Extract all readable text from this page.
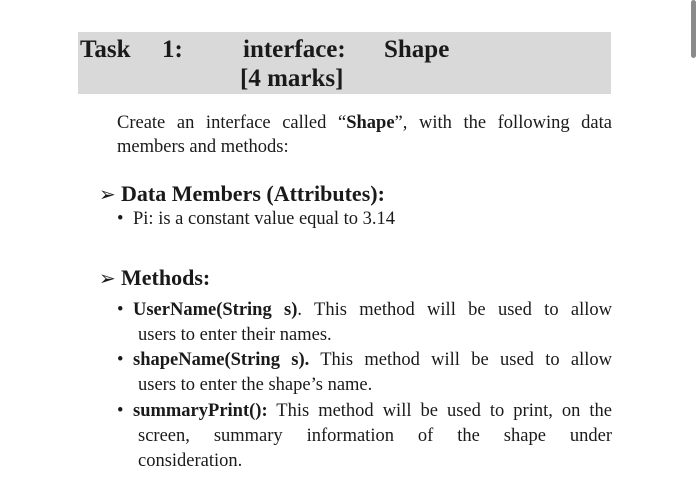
Task 1: interface: Shape
[4 marks]
Create an interface called “Shape”, with the following data members and methods:
➢ Data Members (Attributes):
• Pi: is a constant value equal to 3.14
➢ Methods:
• UserName(String s). This method will be used to allow
users to enter their names.
• shapeName(String s). This method will be used to allow
users to enter the shape’s name.
• summaryPrint(): This method will be used to print, on the
screen, summary information of the shape under
consideration.
